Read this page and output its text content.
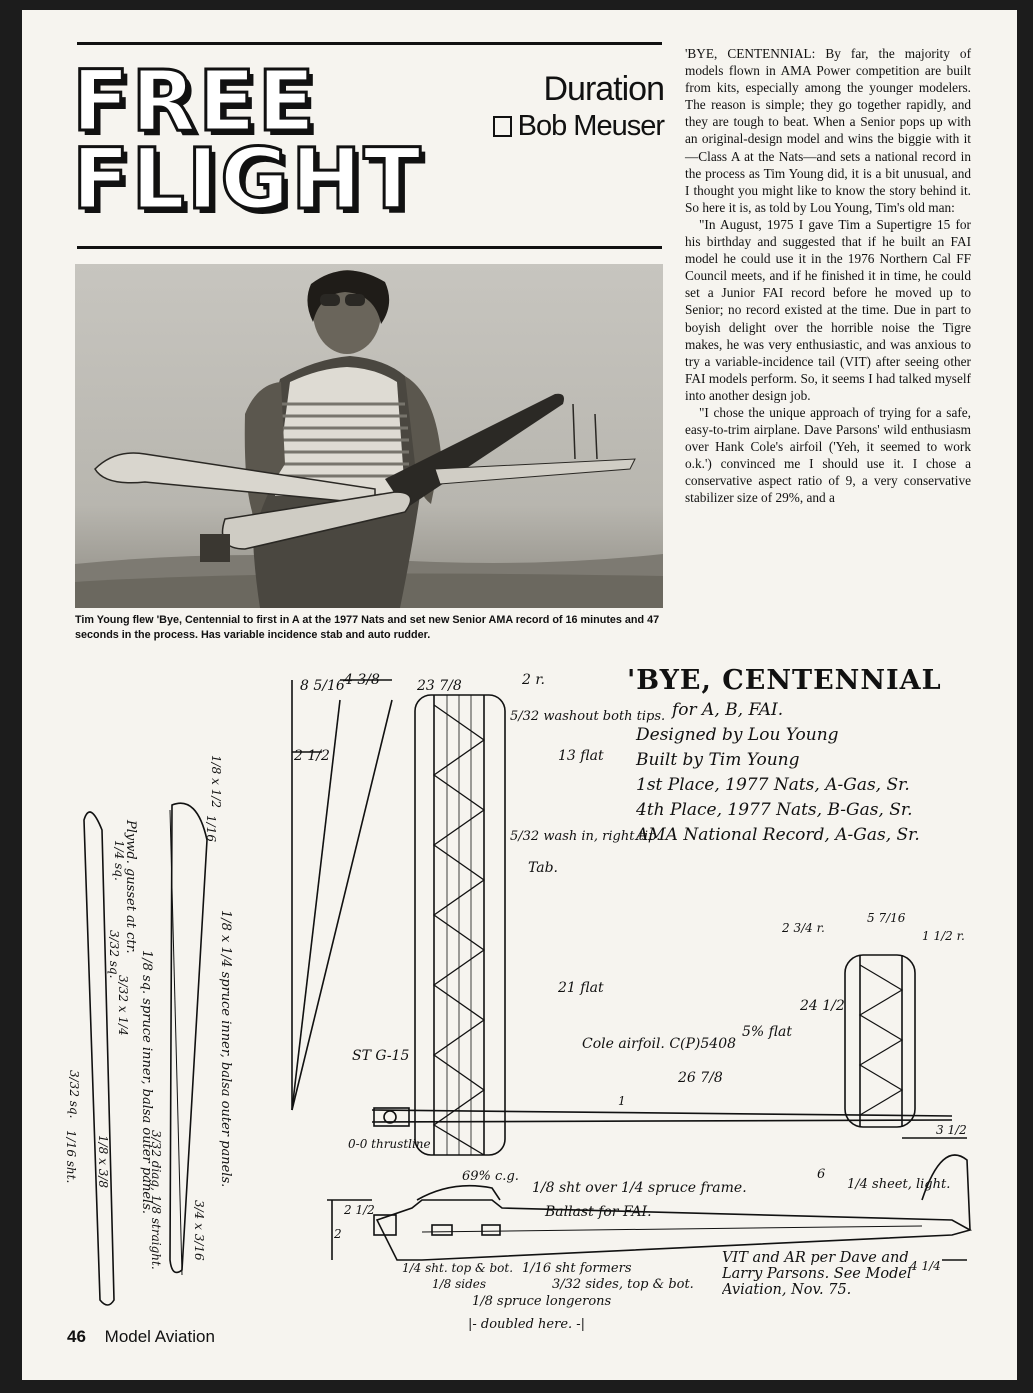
FREE
FLIGHT
Duration
Bob Meuser
Tim Young flew 'Bye, Centennial to first in A at the 1977 Nats and set new Senior AMA record of 16 minutes and 47 seconds in the process. Has variable incidence stab and auto rudder.

'BYE, CENTENNIAL: By far, the majority of models flown in AMA Power competition are built from kits, especially among the younger modelers. The reason is simple; they go together rapidly, and they are tough to beat. When a Senior pops up with an original-design model and wins the biggie with it—Class A at the Nats—and sets a national record in the process as Tim Young did, it is a bit unusual, and I thought you might like to know the story behind it. So here it is, as told by Lou Young, Tim's old man:

"In August, 1975 I gave Tim a Supertigre 15 for his birthday and suggested that if he built an FAI model he could use it in the 1976 Northern Cal FF Council meets, and if he finished it in time, he could set a Junior FAI record before he moved up to Senior; no record existed at the time. Due in part to boyish delight over the horrible noise the Tigre makes, he was very enthusiastic, and was anxious to try a variable-incidence tail (VIT) after seeing other FAI models perform. So, it seems I had talked myself into another design job.

"I chose the unique approach of trying for a safe, easy-to-trim airplane. Dave Parsons' wild enthusiasm over Hank Cole's airfoil ('Yeh, it seemed to work o.k.') convinced me I should use it. I chose a conservative aspect ratio of 9, a very conservative stabilizer size of 29%, and a

'BYE, CENTENNIAL
for A, B, FAI.
Designed by Lou Young
Built by Tim Young
1st Place, 1977 Nats, A-Gas, Sr.
4th Place, 1977 Nats, B-Gas, Sr.
AMA National Record, A-Gas, Sr.
8 5/16 4 3/8
2 1/2
23 7/8	2 r.
5/32 washout both tips.
13 flat
5/32 wash in, right tip.
Tab.
21 flat
Cole airfoil. C(P)5408
26 7/8
ST G-15
0-0 thrustline
2 3/4 r.
5 7/16
1 1/2 r.
24 1/2
5% flat
3 1/2
69% c.g.
1/8 sht over 1/4 spruce frame.
Ballast for FAI.
1/4 sheet, light.
6
2 1/2
2
1/4 sht. top & bot.
1/8 sides
1/16 sht formers
3/32 sides, top & bot.
1/8 spruce longerons
|- doubled here. -|
4 1/4
1
VIT and AR per Dave and Larry Parsons. See Model Aviation, Nov. 75.
Plywd. gusset at ctr.
1/4 sq.
3/32 sq.
3/32 x 1/4 1/8 sq. spruce inner, balsa outer panels.	1/8 x 1/4 spruce inner, balsa outer panels.
3/32 diag, 1/8 straight.
1/8 x 1/2
1/16
3/32 sq.
1/16 sht. 1/8 x 3/8
3/4 x 3/16
46 Model Aviation
